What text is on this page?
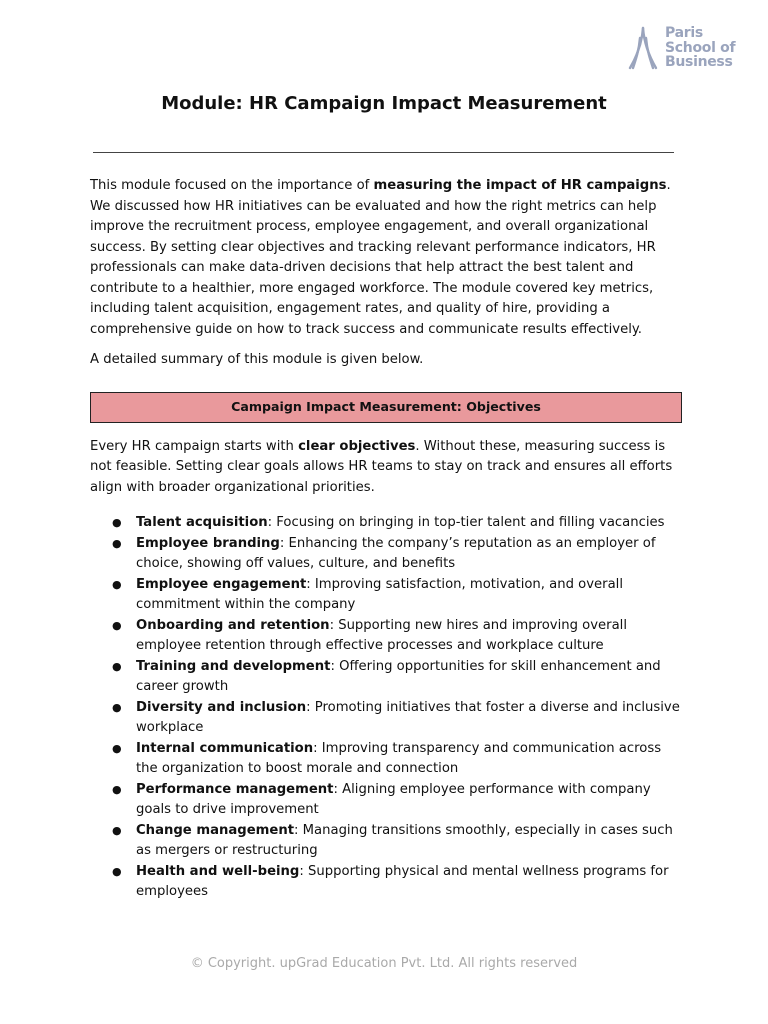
Paris
School of
Business
Module: HR Campaign Impact Measurement

This module focused on the importance of measuring the impact of HR campaigns. We discussed how HR initiatives can be evaluated and how the right metrics can help improve the recruitment process, employee engagement, and overall organizational success. By setting clear objectives and tracking relevant performance indicators, HR professionals can make data-driven decisions that help attract the best talent and contribute to a healthier, more engaged workforce. The module covered key metrics, including talent acquisition, engagement rates, and quality of hire, providing a comprehensive guide on how to track success and communicate results effectively.

A detailed summary of this module is given below.

Campaign Impact Measurement: Objectives

Every HR campaign starts with clear objectives. Without these, measuring success is not feasible. Setting clear goals allows HR teams to stay on track and ensures all efforts align with broader organizational priorities.

● Talent acquisition: Focusing on bringing in top-tier talent and filling vacancies
● Employee branding: Enhancing the company’s reputation as an employer of choice, showing off values, culture, and benefits
● Employee engagement: Improving satisfaction, motivation, and overall commitment within the company
● Onboarding and retention: Supporting new hires and improving overall employee retention through effective processes and workplace culture
● Training and development: Offering opportunities for skill enhancement and career growth
● Diversity and inclusion: Promoting initiatives that foster a diverse and inclusive workplace
● Internal communication: Improving transparency and communication across the organization to boost morale and connection
● Performance management: Aligning employee performance with company goals to drive improvement
● Change management: Managing transitions smoothly, especially in cases such as mergers or restructuring
● Health and well-being: Supporting physical and mental wellness programs for employees
© Copyright. upGrad Education Pvt. Ltd. All rights reserved
